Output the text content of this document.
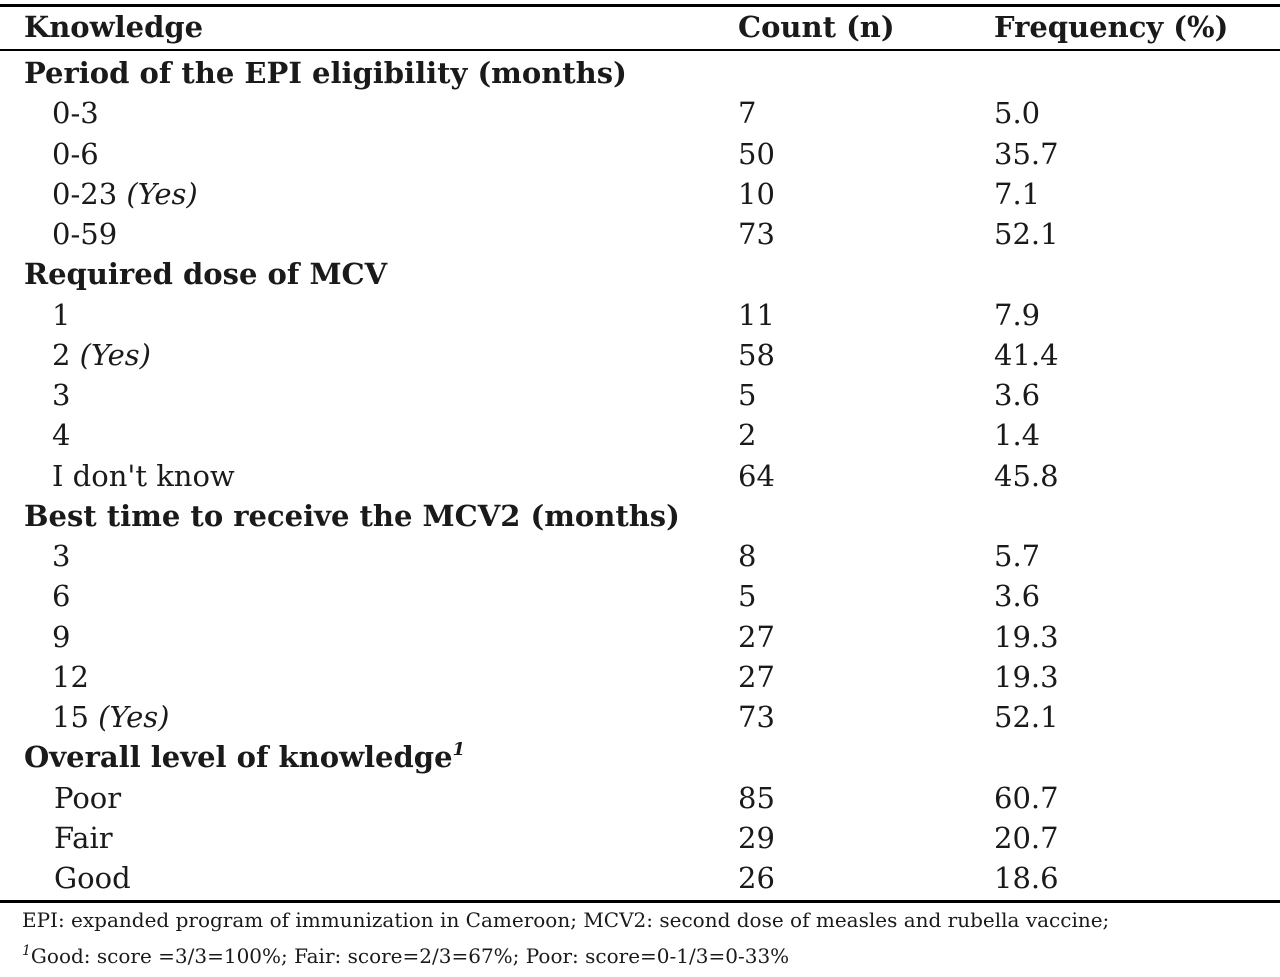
Knowledge	Count (n)	Frequency (%)
Period of the EPI eligibility (months)
0-3	7	5.0
0-6	50	35.7
0-23 (Yes)	10	7.1
0-59	73	52.1
Required dose of MCV
1	11	7.9
2 (Yes)	58	41.4
3	5	3.6
4	2	1.4
I don't know	64	45.8
Best time to receive the MCV2 (months)
3	8	5.7
6	5	3.6
9	27	19.3
12	27	19.3
15 (Yes)	73	52.1
Overall level of knowledge$^1$
Poor	85	60.7
Fair	29	20.7
Good	26	18.6
EPI: expanded program of immunization in Cameroon; MCV2: second dose of measles and rubella vaccine;
$^1$Good: score =3/3=100%; Fair: score=2/3=67%; Poor: score=0-1/3=0-33%
